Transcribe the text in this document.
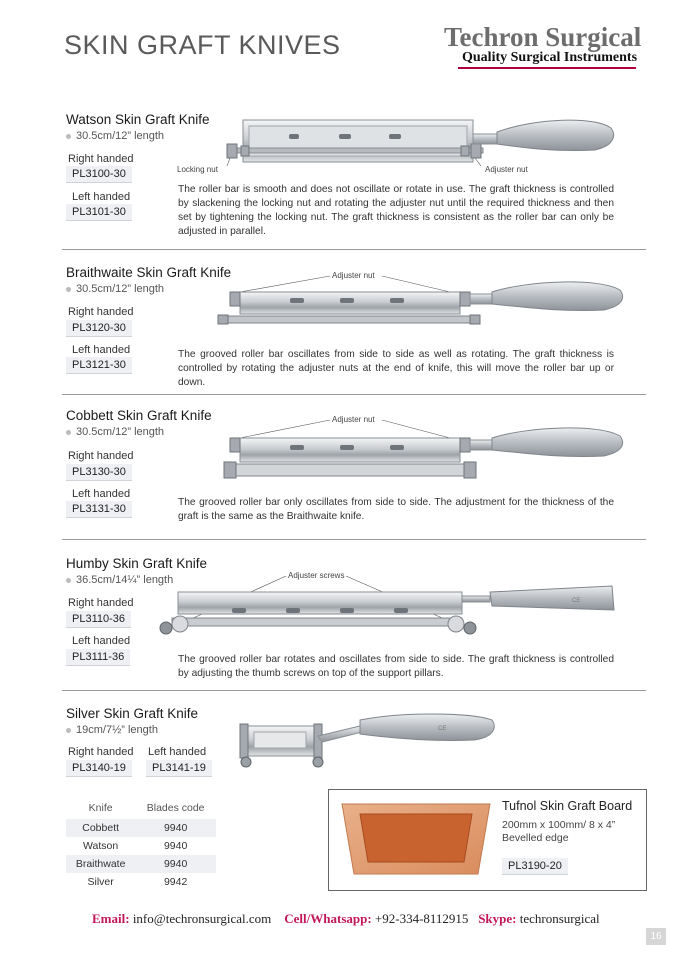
SKIN GRAFT KNIVES	Techron Surgical
Quality Surgical Instruments
Watson Skin Graft Knife
30.5cm/12” length
Right handed
PL3100-30
Left handed
PL3101-30
Locking nut	Adjuster nut
The roller bar is smooth and does not oscillate or rotate in use. The graft thickness is controlled by slackening the locking nut and rotating the adjuster nut until the required thickness and then set by tightening the locking nut. The graft thickness is consistent as the roller bar can only be adjusted in parallel.
Braithwaite Skin Graft Knife
30.5cm/12” length
Right handed
PL3120-30
Left handed
PL3121-30
Adjuster nut
The grooved roller bar oscillates from side to side as well as rotating. The graft thickness is controlled by rotating the adjuster nuts at the end of knife, this will move the roller bar up or down.
Cobbett Skin Graft Knife
30.5cm/12” length
Right handed
PL3130-30
Left handed
PL3131-30
Adjuster nut
The grooved roller bar only oscillates from side to side. The adjustment for the thickness of the graft is the same as the Braithwaite knife.
Humby Skin Graft Knife
36.5cm/14¼” length
Right handed
PL3110-36
Left handed
PL3111-36
Adjuster screws
CE
The grooved roller bar rotates and oscillates from side to side. The graft thickness is controlled by adjusting the thumb screws on top of the support pillars.
Silver Skin Graft Knife
19cm/7½” length
Right handed
PL3140-19
Left handed
PL3141-19
CE
Knife	Blades code
Cobbett	9940
Watson	9940
Braithwate	9940
Silver	9942
Tufnol Skin Graft Board
200mm x 100mm/ 8 x 4”
Bevelled edge
PL3190-20
Email: info@techronsurgical.com Cell/Whatsapp: +92-334-8112915 Skype: techronsurgical
16
